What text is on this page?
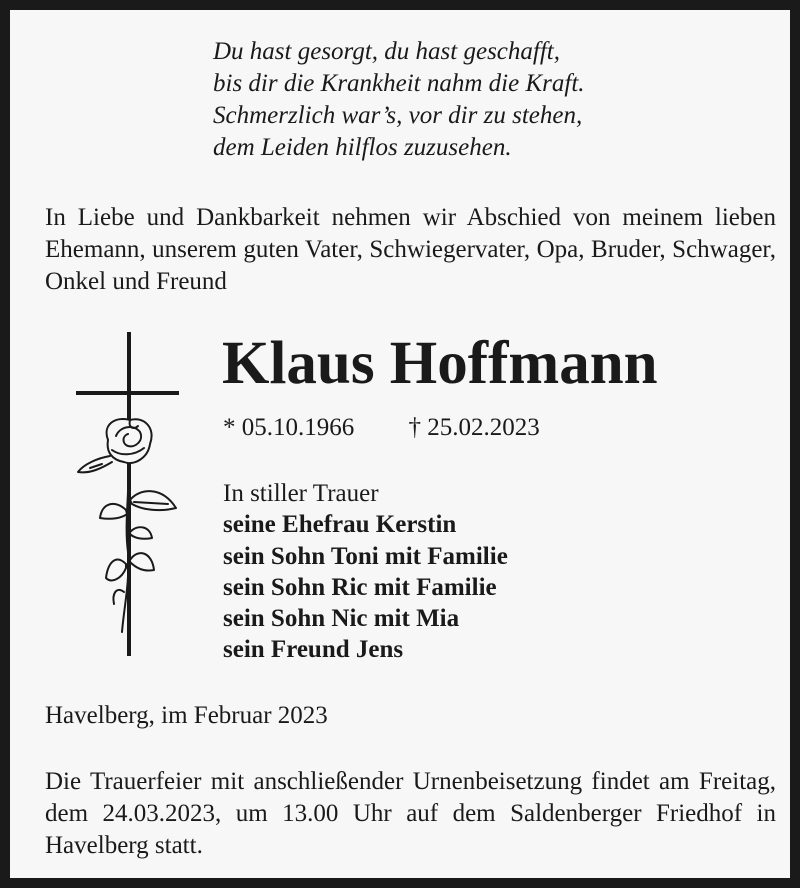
Du hast gesorgt, du hast geschafft,
bis dir die Krankheit nahm die Kraft.
Schmerzlich war’s, vor dir zu stehen,
dem Leiden hilflos zuzusehen.
In Liebe und Dankbarkeit nehmen wir Abschied von meinem lieben Ehemann, unserem guten Vater, Schwiegervater, Opa, Bruder, Schwager, Onkel und Freund
Klaus Hoffmann
* 05.10.1966 † 25.02.2023
In stiller Trauer
seine Ehefrau Kerstin
sein Sohn Toni mit Familie
sein Sohn Ric mit Familie
sein Sohn Nic mit Mia
sein Freund Jens
Havelberg, im Februar 2023
Die Trauerfeier mit anschließender Urnenbeisetzung findet am Freitag, dem 24.03.2023, um 13.00 Uhr auf dem Saldenberger Friedhof in Havelberg statt.
